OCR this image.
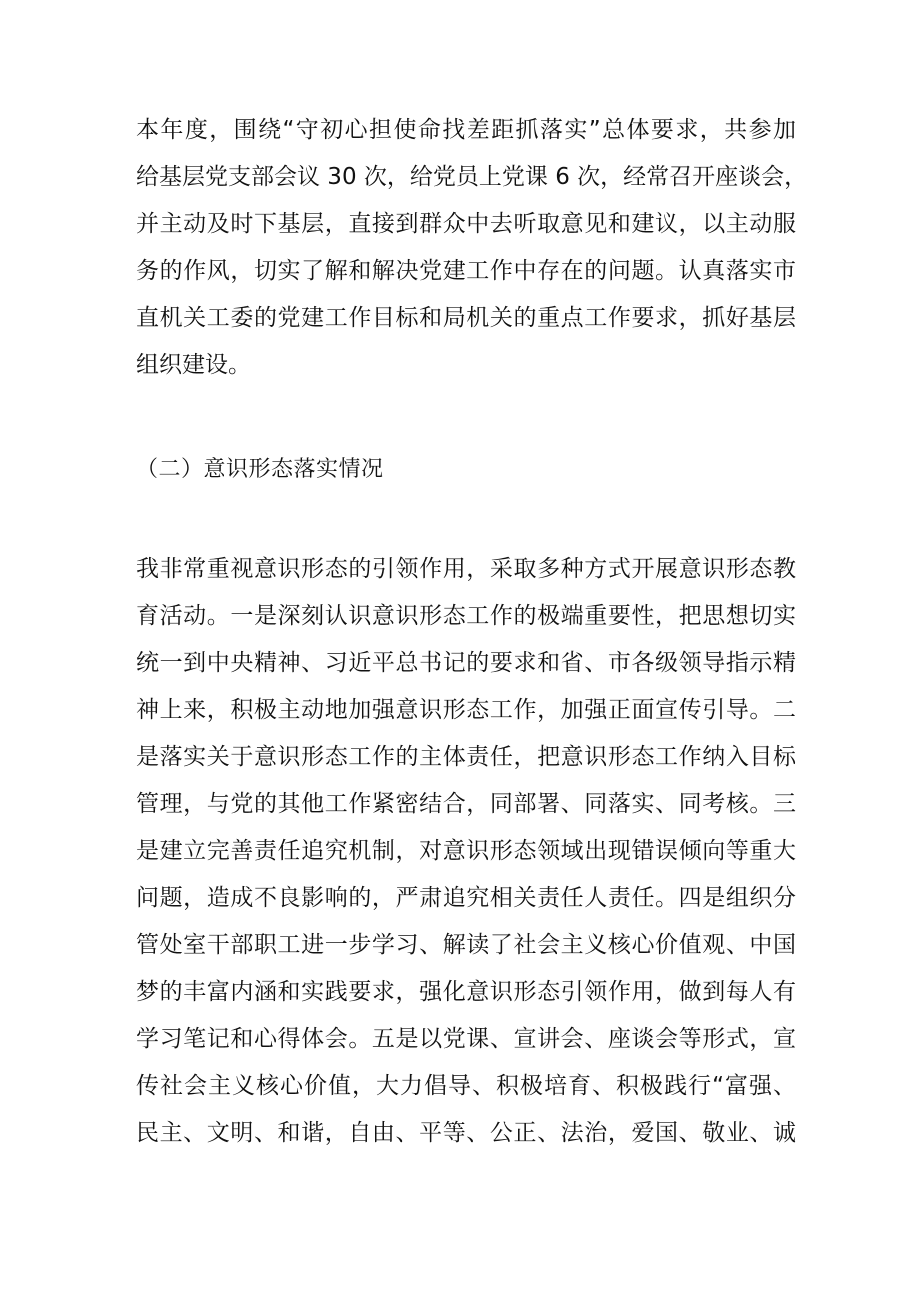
本年度，围绕“守初心担使命找差距抓落实”总体要求，共参加
给基层党支部会议 30 次，给党员上党课 6 次，经常召开座谈会，
并主动及时下基层，直接到群众中去听取意见和建议，以主动服
务的作风，切实了解和解决党建工作中存在的问题。认真落实市
直机关工委的党建工作目标和局机关的重点工作要求，抓好基层
组织建设。
（二）意识形态落实情况
我非常重视意识形态的引领作用，采取多种方式开展意识形态教
育活动。一是深刻认识意识形态工作的极端重要性，把思想切实
统一到中央精神、习近平总书记的要求和省、市各级领导指示精
神上来，积极主动地加强意识形态工作，加强正面宣传引导。二
是落实关于意识形态工作的主体责任，把意识形态工作纳入目标
管理，与党的其他工作紧密结合，同部署、同落实、同考核。三
是建立完善责任追究机制，对意识形态领域出现错误倾向等重大
问题，造成不良影响的，严肃追究相关责任人责任。四是组织分
管处室干部职工进一步学习、解读了社会主义核心价值观、中国
梦的丰富内涵和实践要求，强化意识形态引领作用，做到每人有
学习笔记和心得体会。五是以党课、宣讲会、座谈会等形式，宣
传社会主义核心价值，大力倡导、积极培育、积极践行“富强、
民主、文明、和谐，自由、平等、公正、法治，爱国、敬业、诚
